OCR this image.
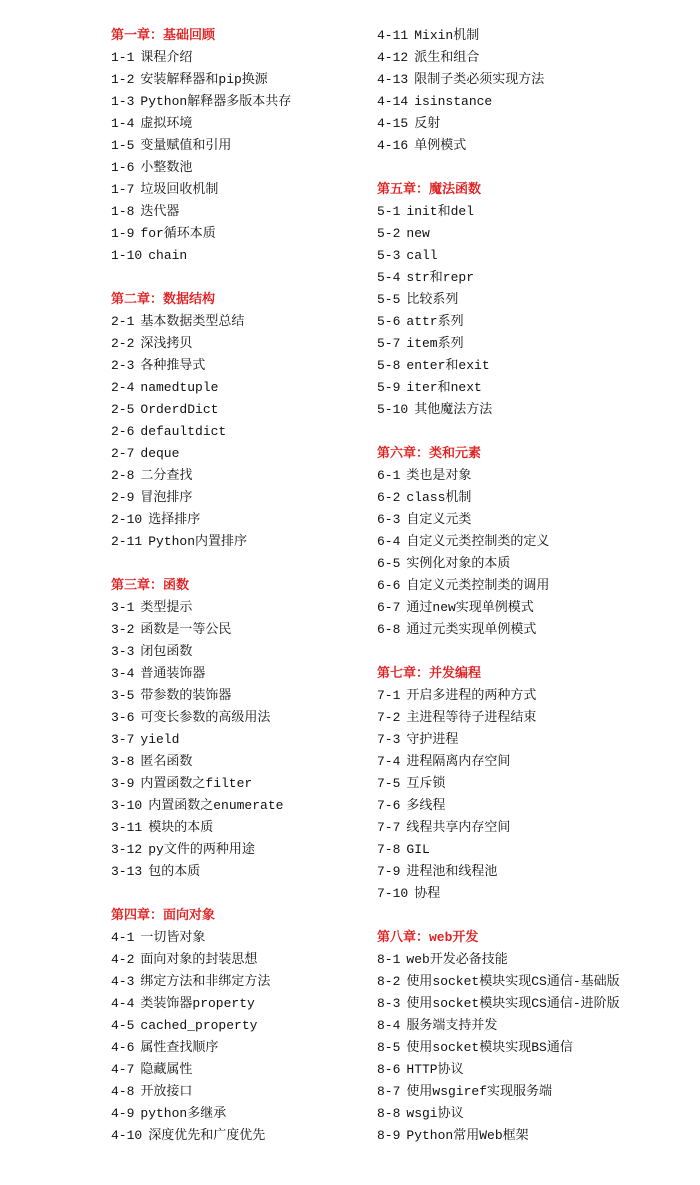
第一章：基础回顾
1-1 课程介绍
1-2 安装解释器和pip换源
1-3 Python解释器多版本共存
1-4 虚拟环境
1-5 变量赋值和引用
1-6 小整数池
1-7 垃圾回收机制
1-8 迭代器
1-9 for循环本质
1-10 chain
第二章：数据结构
2-1 基本数据类型总结
2-2 深浅拷贝
2-3 各种推导式
2-4 namedtuple
2-5 OrderdDict
2-6 defaultdict
2-7 deque
2-8 二分查找
2-9 冒泡排序
2-10 选择排序
2-11 Python内置排序
第三章：函数
3-1 类型提示
3-2 函数是一等公民
3-3 闭包函数
3-4 普通装饰器
3-5 带参数的装饰器
3-6 可变长参数的高级用法
3-7 yield
3-8 匿名函数
3-9 内置函数之filter
3-10 内置函数之enumerate
3-11 模块的本质
3-12 py文件的两种用途
3-13 包的本质
第四章：面向对象
4-1 一切皆对象
4-2 面向对象的封装思想
4-3 绑定方法和非绑定方法
4-4 类装饰器property
4-5 cached_property
4-6 属性查找顺序
4-7 隐藏属性
4-8 开放接口
4-9 python多继承
4-10 深度优先和广度优先
4-11 Mixin机制
4-12 派生和组合
4-13 限制子类必须实现方法
4-14 isinstance
4-15 反射
4-16 单例模式
第五章：魔法函数
5-1 init和del
5-2 new
5-3 call
5-4 str和repr
5-5 比较系列
5-6 attr系列
5-7 item系列
5-8 enter和exit
5-9 iter和next
5-10 其他魔法方法
第六章：类和元素
6-1 类也是对象
6-2 class机制
6-3 自定义元类
6-4 自定义元类控制类的定义
6-5 实例化对象的本质
6-6 自定义元类控制类的调用
6-7 通过new实现单例模式
6-8 通过元类实现单例模式
第七章：并发编程
7-1 开启多进程的两种方式
7-2 主进程等待子进程结束
7-3 守护进程
7-4 进程隔离内存空间
7-5 互斥锁
7-6 多线程
7-7 线程共享内存空间
7-8 GIL
7-9 进程池和线程池
7-10 协程
第八章：web开发
8-1 web开发必备技能
8-2 使用socket模块实现CS通信-基础版
8-3 使用socket模块实现CS通信-进阶版
8-4 服务端支持并发
8-5 使用socket模块实现BS通信
8-6 HTTP协议
8-7 使用wsgiref实现服务端
8-8 wsgi协议
8-9 Python常用Web框架
